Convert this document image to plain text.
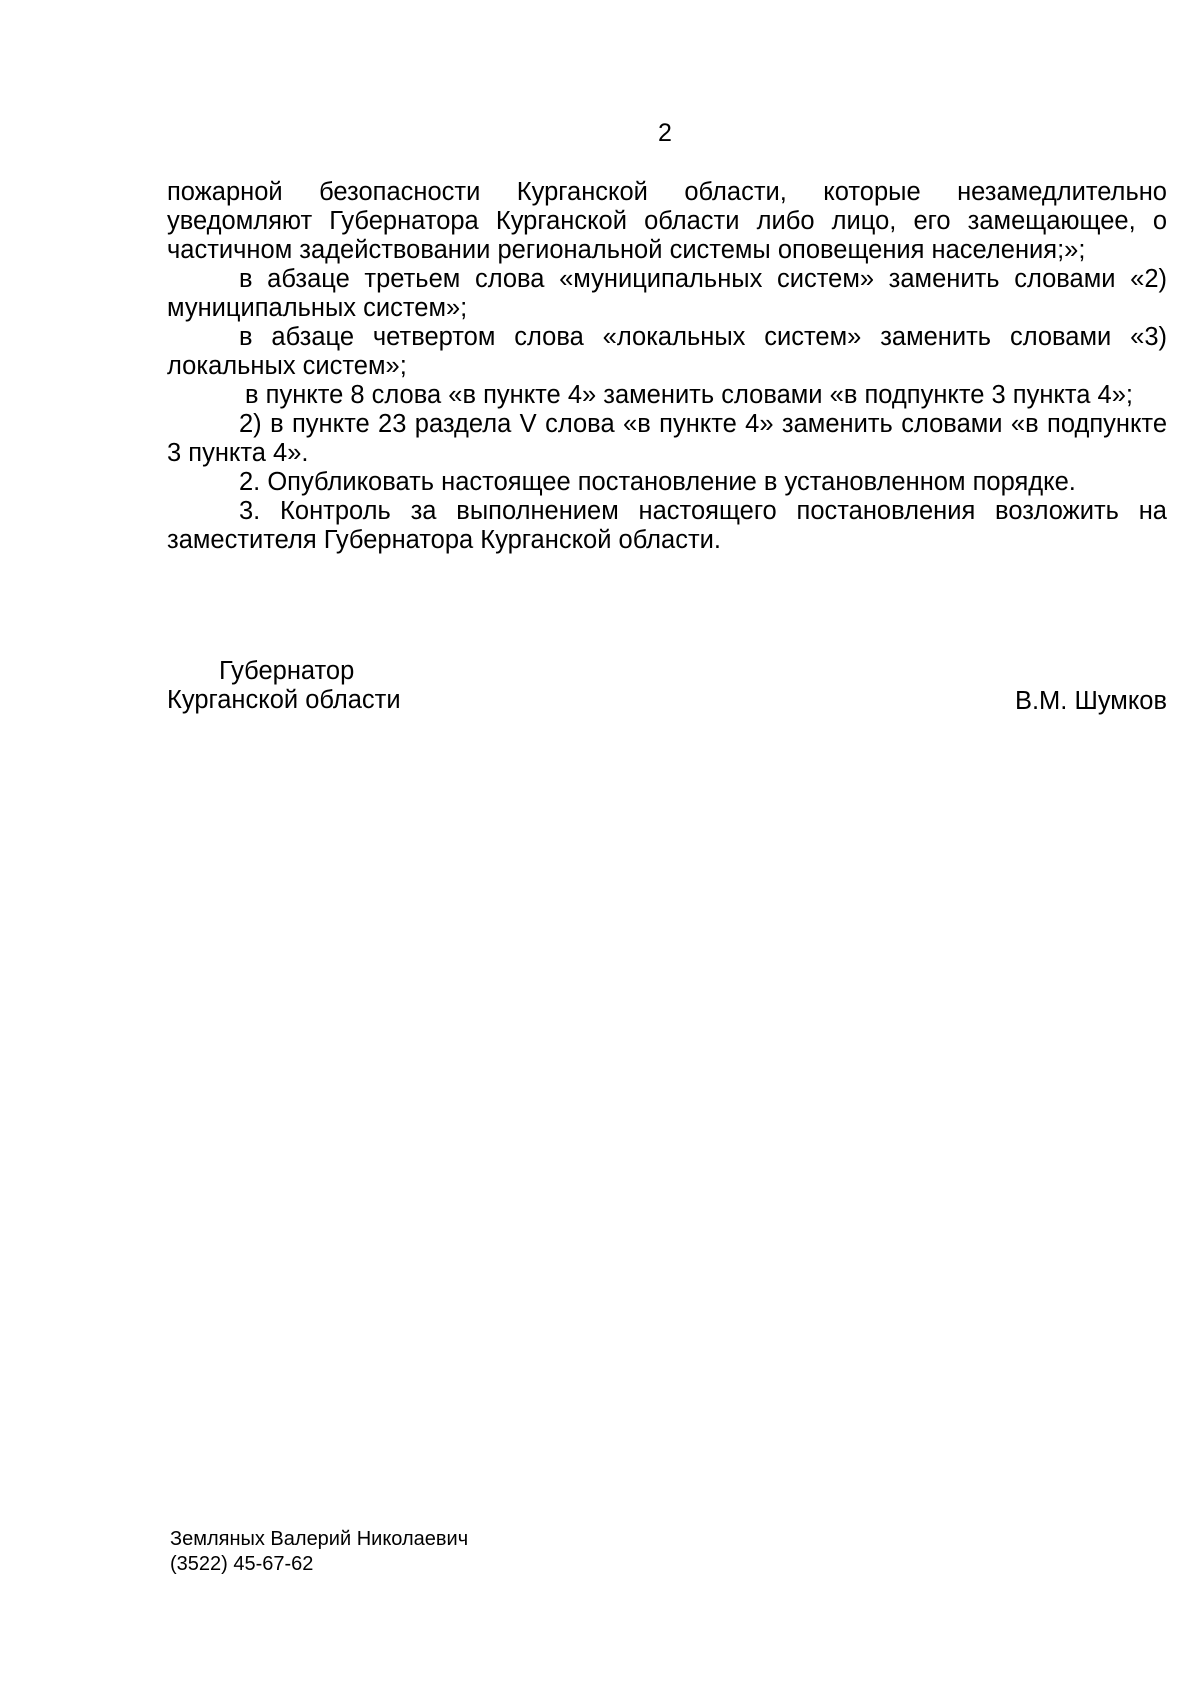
2

пожарной безопасности Курганской области, которые незамедлительно уведомляют Губернатора Курганской области либо лицо, его замещающее, о частичном задействовании региональной системы оповещения населения;»;

в абзаце третьем слова «муниципальных систем» заменить словами «2) муниципальных систем»;

в абзаце четвертом слова «локальных систем» заменить словами «3) локальных систем»;

в пункте 8 слова «в пункте 4» заменить словами «в подпункте 3 пункта 4»;

2) в пункте 23 раздела V слова «в пункте 4» заменить словами «в подпункте 3 пункта 4».

2. Опубликовать настоящее постановление в установленном порядке.

3. Контроль за выполнением настоящего постановления возложить на заместителя Губернатора Курганской области.

Губернатор
Курганской области	В.М. Шумков
Земляных Валерий Николаевич
(3522) 45-67-62
